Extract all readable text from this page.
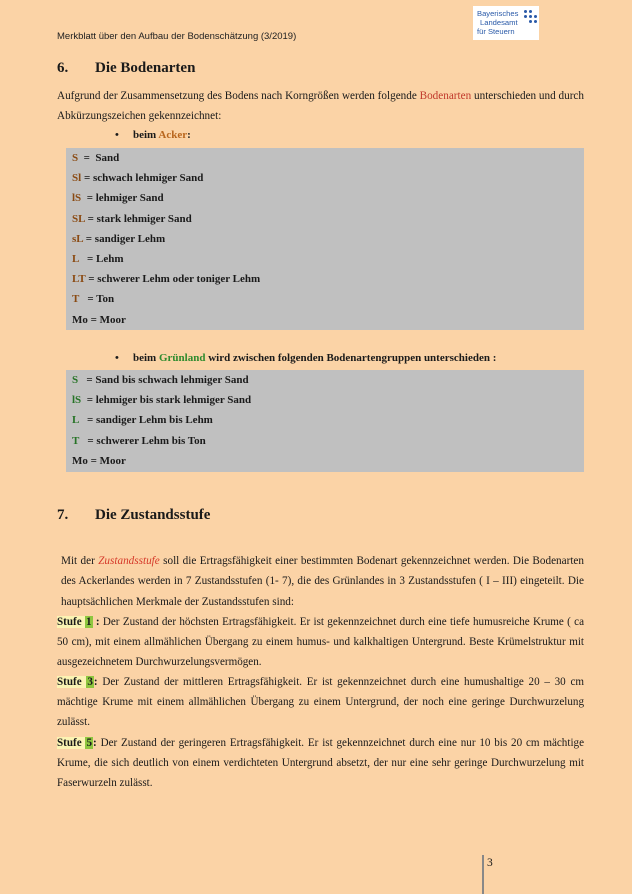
Merkblatt über den Aufbau der Bodenschätzung (3/2019)
Bayerisches
Landesamt
für Steuern
6. Die Bodenarten
Aufgrund der Zusammensetzung des Bodens nach Korngrößen werden folgende Bodenarten unterschieden und durch Abkürzungszeichen gekennzeichnet:
• beim Acker:
S  =  Sand
Sl = schwach lehmiger Sand
lS  = lehmiger Sand
SL = stark lehmiger Sand
sL = sandiger Lehm
L   = Lehm
LT = schwerer Lehm oder toniger Lehm
T   = Ton
Mo = Moor
• beim Grünland wird zwischen folgenden Bodenartengruppen unterschieden :
S   = Sand bis schwach lehmiger Sand
lS  = lehmiger bis stark lehmiger Sand
L   = sandiger Lehm bis Lehm
T   = schwerer Lehm bis Ton
Mo = Moor
7. Die Zustandsstufe
Mit der Zustandsstufe soll die Ertragsfähigkeit einer bestimmten Bodenart gekennzeichnet werden. Die Bodenarten des Ackerlandes werden in 7 Zustandsstufen (1- 7), die des Grünlandes in 3 Zustandsstufen ( I – III) eingeteilt. Die hauptsächlichen Merkmale der Zustandsstufen sind:
Stufe 1 : Der Zustand der höchsten Ertragsfähigkeit. Er ist gekennzeichnet durch eine tiefe humusreiche Krume ( ca 50 cm), mit einem allmählichen Übergang zu einem humus- und kalkhaltigen Untergrund. Beste Krümelstruktur mit ausgezeichnetem Durchwurzelungsvermögen.
Stufe 3: Der Zustand der mittleren Ertragsfähigkeit. Er ist gekennzeichnet durch eine humushaltige 20 – 30 cm mächtige Krume mit einem allmählichen Übergang zu einem Untergrund, der noch eine geringe Durchwurzelung zulässt.
Stufe 5: Der Zustand der geringeren Ertragsfähigkeit. Er ist gekennzeichnet durch eine nur 10 bis 20 cm mächtige Krume, die sich deutlich von einem verdichteten Untergrund absetzt, der nur eine sehr geringe Durchwurzelung mit Faserwurzeln zulässt.
3
